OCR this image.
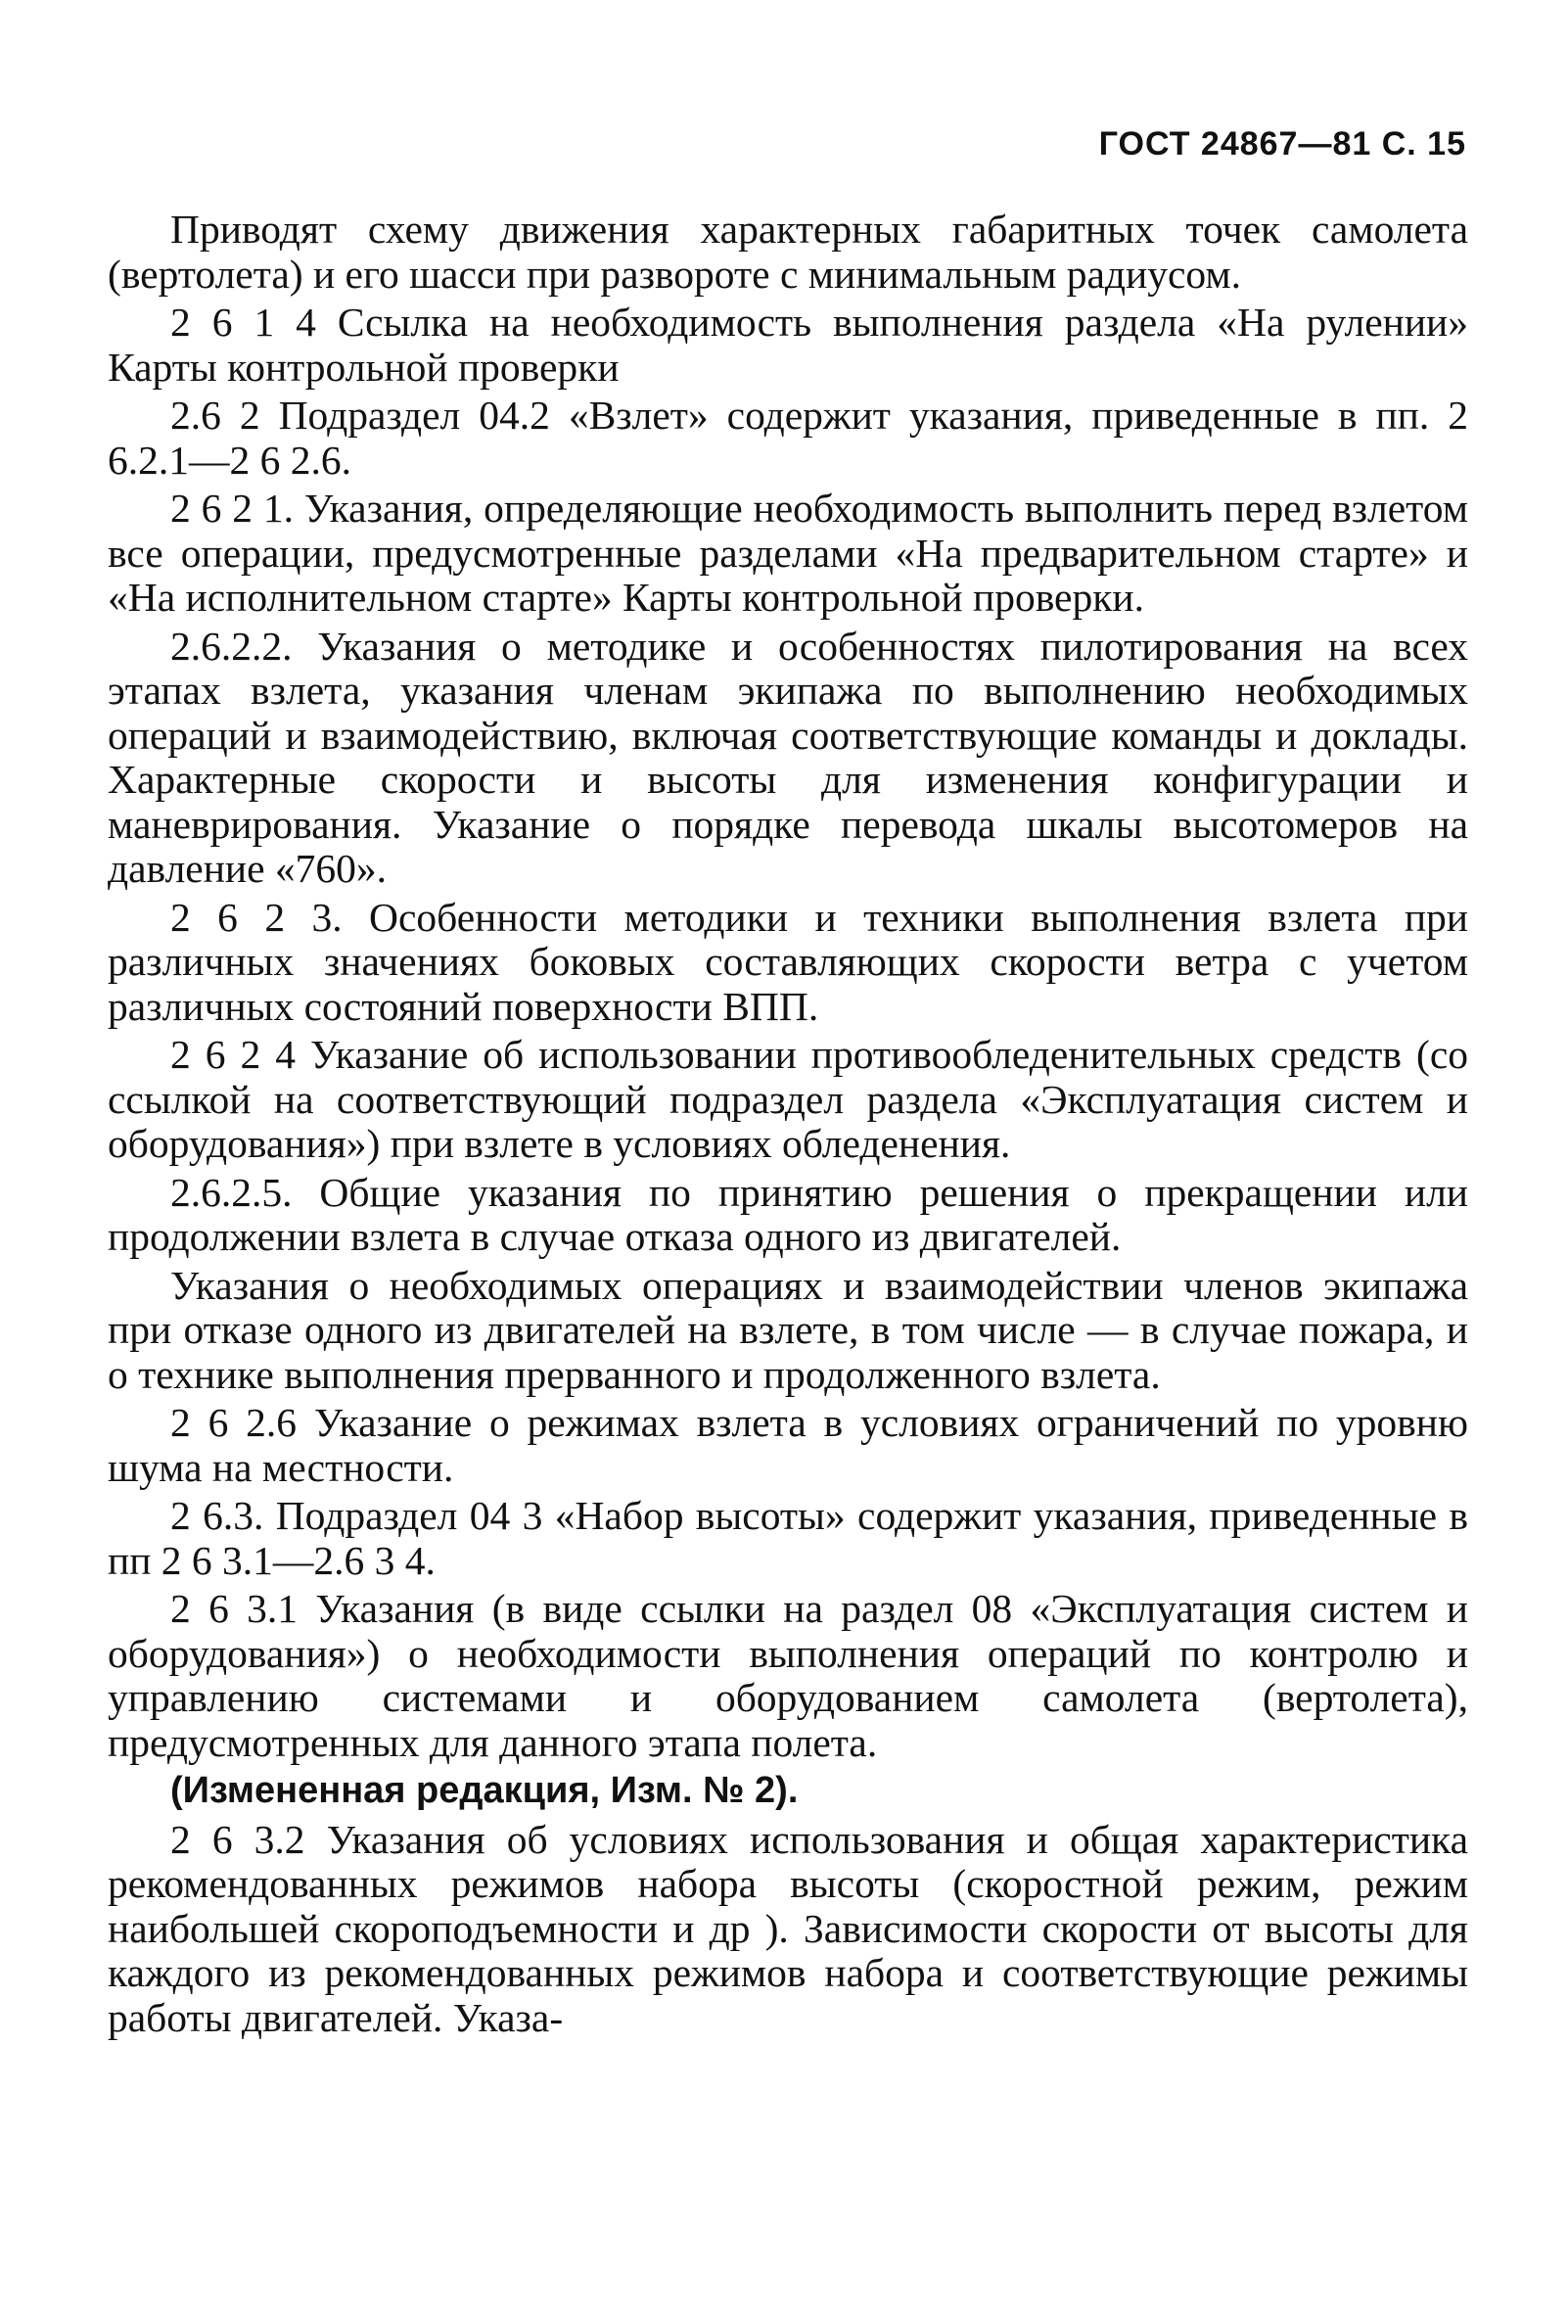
ГОСТ 24867—81 С. 15

Приводят схему движения характерных габаритных точек самолета (вертолета) и его шасси при развороте с минимальным радиусом.

2 6 1 4 Ссылка на необходимость выполнения раздела «На рулении» Карты контрольной проверки

2.6 2 Подраздел 04.2 «Взлет» содержит указания, приведенные в пп. 2 6.2.1—2 6 2.6.

2 6 2 1. Указания, определяющие необходимость выполнить перед взлетом все операции, предусмотренные разделами «На предварительном старте» и «На исполнительном старте» Карты контрольной проверки.

2.6.2.2. Указания о методике и особенностях пилотирования на всех этапах взлета, указания членам экипажа по выполнению необходимых операций и взаимодействию, включая соответствующие команды и доклады. Характерные скорости и высоты для изменения конфигурации и маневрирования. Указание о порядке перевода шкалы высотомеров на давление «760».

2 6 2 3. Особенности методики и техники выполнения взлета при различных значениях боковых составляющих скорости ветра с учетом различных состояний поверхности ВПП.

2 6 2 4 Указание об использовании противообледенительных средств (со ссылкой на соответствующий подраздел раздела «Эксплуатация систем и оборудования») при взлете в условиях обледенения.

2.6.2.5. Общие указания по принятию решения о прекращении или продолжении взлета в случае отказа одного из двигателей.

Указания о необходимых операциях и взаимодействии членов экипажа при отказе одного из двигателей на взлете, в том числе — в случае пожара, и о технике выполнения прерванного и продолженного взлета.

2 6 2.6 Указание о режимах взлета в условиях ограничений по уровню шума на местности.

2 6.3. Подраздел 04 3 «Набор высоты» содержит указания, приведенные в пп 2 6 3.1—2.6 3 4.

2 6 3.1 Указания (в виде ссылки на раздел 08 «Эксплуатация систем и оборудования») о необходимости выполнения операций по контролю и управлению системами и оборудованием самолета (вертолета), предусмотренных для данного этапа полета.

(Измененная редакция, Изм. № 2).

2 6 3.2 Указания об условиях использования и общая характеристика рекомендованных режимов набора высоты (скоростной режим, режим наибольшей скороподъемности и др ). Зависимости скорости от высоты для каждого из рекомендованных режимов набора и соответствующие режимы работы двигателей. Указа-
